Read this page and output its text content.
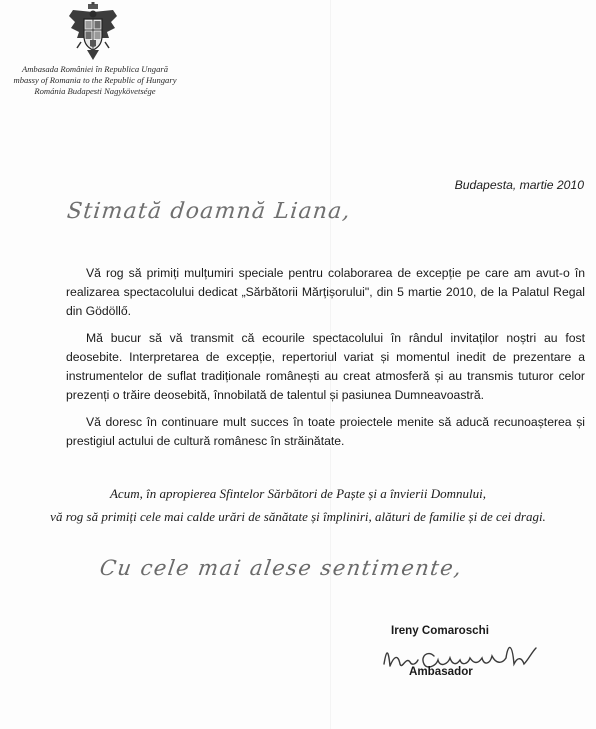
Ambasada României în Republica Ungară
mbassy of Romania to the Republic of Hungary
Románia Budapesti Nagykövetsége
Budapesta, martie 2010
Stimată doamnă Liana,

Vă rog să primiți mulțumiri speciale pentru colaborarea de excepție pe care am avut-o în realizarea spectacolului dedicat „Sărbătorii Mărțișorului", din 5 martie 2010, de la Palatul Regal din Gödöllő.

Mă bucur să vă transmit că ecourile spectacolului în rândul invitaților noștri au fost deosebite. Interpretarea de excepție, repertoriul variat și momentul inedit de prezentare a instrumentelor de suflat tradiționale românești au creat atmosferă și au transmis tuturor celor prezenți o trăire deosebită, înnobilată de talentul și pasiunea Dumneavoastră.

Vă doresc în continuare mult succes în toate proiectele menite să aducă recunoașterea și prestigiul actului de cultură românesc în străinătate.

Acum, în apropierea Sfintelor Sărbători de Paște și a învierii Domnului,
vă rog să primiți cele mai calde urări de sănătate și împliniri, alături de familie și de cei dragi.
Cu cele mai alese sentimente,
Ireny Comaroschi
Ambasador
